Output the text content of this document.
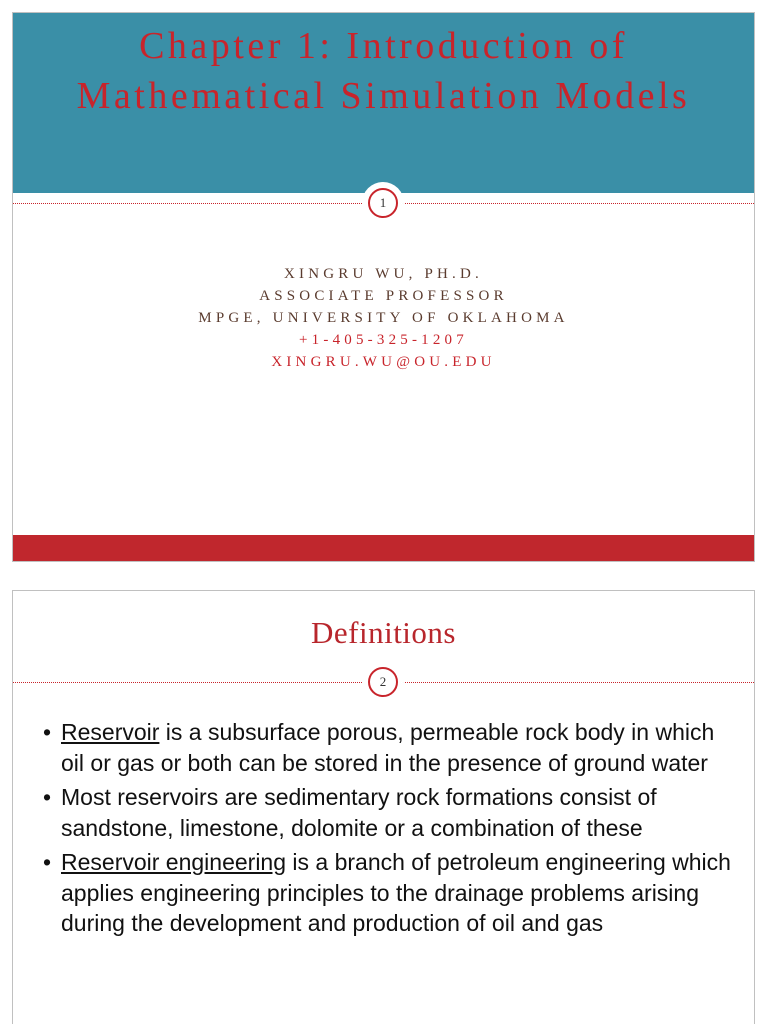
Chapter 1: Introduction of Mathematical Simulation Models
1
XINGRU WU, PH.D.
ASSOCIATE PROFESSOR
MPGE, UNIVERSITY OF OKLAHOMA
+1-405-325-1207
XINGRU.WU@OU.EDU
Definitions
2
• Reservoir is a subsurface porous, permeable rock body in which oil or gas or both can be stored in the presence of ground water
• Most reservoirs are sedimentary rock formations consist of sandstone, limestone, dolomite or a combination of these
• Reservoir engineering is a branch of petroleum engineering which applies engineering principles to the drainage problems arising during the development and production of oil and gas
